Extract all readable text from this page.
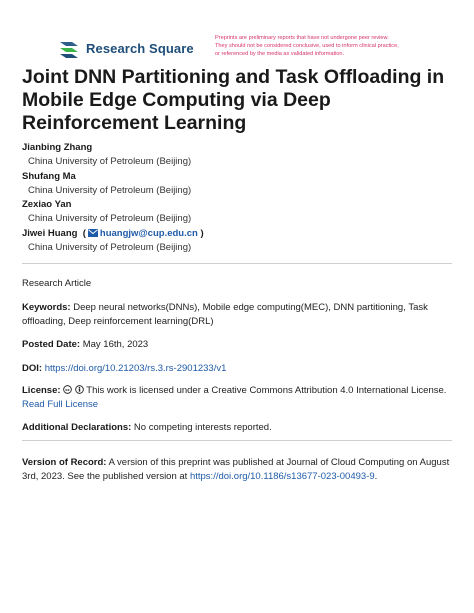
Research Square
Preprints are preliminary reports that have not undergone peer review.
They should not be considered conclusive, used to inform clinical practice,
or referenced by the media as validated information.
Joint DNN Partitioning and Task Offloading in Mobile Edge Computing via Deep Reinforcement Learning
Jianbing Zhang
China University of Petroleum (Beijing)
Shufang Ma
China University of Petroleum (Beijing)
Zexiao Yan
China University of Petroleum (Beijing)
Jiwei Huang  ( huangjw@cup.edu.cn )
China University of Petroleum (Beijing)
Research Article
Keywords: Deep neural networks(DNNs), Mobile edge computing(MEC), DNN partitioning, Task offloading, Deep reinforcement learning(DRL)
Posted Date: May 16th, 2023
DOI: https://doi.org/10.21203/rs.3.rs-2901233/v1
License: cc This work is licensed under a Creative Commons Attribution 4.0 International License.
Read Full License
Additional Declarations: No competing interests reported.
Version of Record: A version of this preprint was published at Journal of Cloud Computing on August 3rd, 2023. See the published version at https://doi.org/10.1186/s13677-023-00493-9.
